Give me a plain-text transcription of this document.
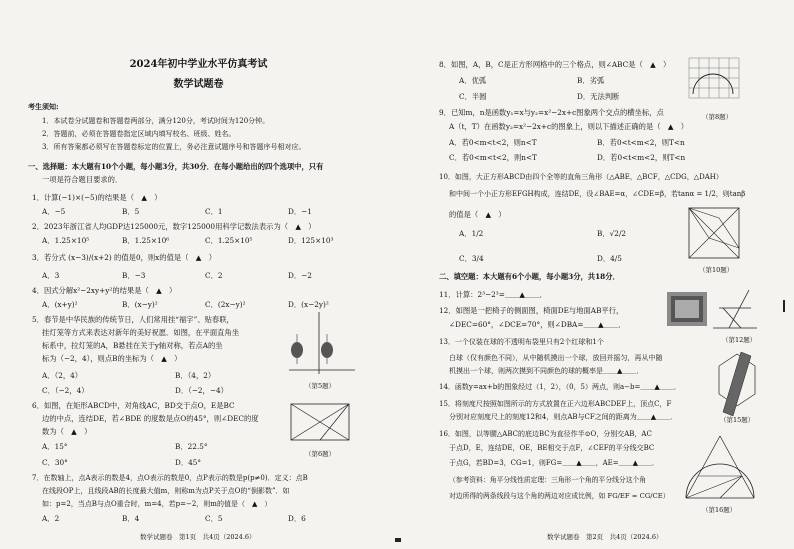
2024年初中学业水平仿真考试
数学试题卷
考生须知:
1．本试卷分试题卷和答题卷两部分，满分120分，考试时间为120分钟。
2．答题前，必须在答题卷指定区域内填写校名、班级、姓名。
3．所有答案都必须写在答题卷标定的位置上，务必注意试题序号和答题序号相对应。
一、选择题：本大题有10个小题，每小题3分，共30分．在每小题给出的四个选项中，只有
一项是符合题目要求的．
1．计算(−1)×(−5)的结果是（　▲　）
A．−5	B．5	C．1	D．−1
2．2023年浙江省人均GDP达125000元，数字125000用科学记数法表示为（　▲　）
A．1.25×10⁵	B．1.25×10⁶	C．1.25×10⁵	D．125×10³
3．若分式 (x−3)/(x+2) 的值是0，则x的值是（　▲　）
A．3	B．−3	C．2	D．−2
4．因式分解x²−2xy+y²的结果是（　▲　）
A．(x+y)²	B．(x−y)²	C．(2x−y)²	D．(x−2y)²
5．春节是中华民族的传统节日，人们常用挂“福字”、贴春联，
挂灯笼等方式来表达对新年的美好祝愿．如图，在平面直角坐
标系中，拉灯笼的A，B悬挂在关于y轴对称，若点A的坐
标为（−2，4），则点B的坐标为（　▲　）
A．（2，4）	B．（4，2）
C．（−2，4）	D．（−2，−4）	（第5题）
6．如图，在矩形ABCD中，对角线AC，BD交于点O，E是BC
边的中点，连结DE，若∠BDE 的度数是点O的45°，则∠DEC的度
数为（　▲　）
A．15°	B．22.5°
C．30°	D．45°
（第6题）
7．在数轴上，点A表示的数是4，点O表示的数是0，点P表示的数是p(p≠0)．定义：点B
在线段OP上，且线段AB的长度最大值m，则称m为点P关于点O的“倒影数”．如
如：p=2，当点B与点O重合时，m=4，若p=−2，则m的值是（　▲　）
A．2	B．4	C．5	D．6
数学试题卷　第1页　共4页（2024.6）
8．如图，A，B，C是正方形网格中的三个格点，则∠ABC是（　▲　）
A．优弧	B．劣弧
C．半圆	D．无法判断
（第8题）
9．已知m，n是函数y₁=x与y₂=x²−2x+c图象两个交点的横坐标，点
A（t，T）在函数y₂=x²−2x+c的图象上，则以下描述正确的是（　▲　）
A．若0<m<t<2，则n<T	B．若0<t<m<2，则T<n
C．若0<m<t<2，则n<T	D．若0<t<m<2，则T<n
10．如图，大正方形ABCD由四个全等的直角三角形（△ABE，△BCF，△CDG，△DAH）
和中间一个小正方形EFGH构成，连结DE，设∠BAE=α，∠CDE=β，若tanα = 1/2，则tanβ
的值是（　▲　）
A．1/2	B．√2/2
C．3/4	D．4/5
（第10题）
二、填空题：本大题有6个小题，每小题3分，共18分．
11．计算：2³−2³=＿＿▲＿＿．
12．如图是一把椅子的侧面图，椅面DE与地面AB平行，
∠DEC=60°，∠DCE=70°，则∠DBA=＿＿▲＿＿．
（第12题）
13．一个仪装在球的不透明布袋里只有2个红球和1个
白球（仅有颜色不同），从中随机摸出一个球，放回并摇匀，再从中随
机摸出一个球，则两次摸到不同颜色的球的概率是＿＿▲＿＿．
14．函数y=ax+b的图象经过（1，2），（0，5）两点，则a−b=＿＿▲＿＿．
15．将刻度尺按照如图所示的方式放置在正六边形ABCDEF上，顶点C，F
分别对应刻度尺上的刻度12和4，则点AB与CF之间的距离为＿＿▲＿＿．	（第15题）
16．如图，以等腰△ABC的底边BC为直径作半⊙O，分别交AB，AC
于点D，E，连结DE，OE，BE相交于点F，∠CEF的平分线交BC
于点G，若BD=3，CG=1，则FG=＿＿▲＿＿，AE=＿＿▲＿＿．
（参考资料：角平分线性质定理：三角形一个角的平分线分这个角
对边所得的两条线段与这个角的两边对应成比例，如 FG/EF = CG/CE）
（第16题）
数学试题卷　第2页　共4页（2024.6）
